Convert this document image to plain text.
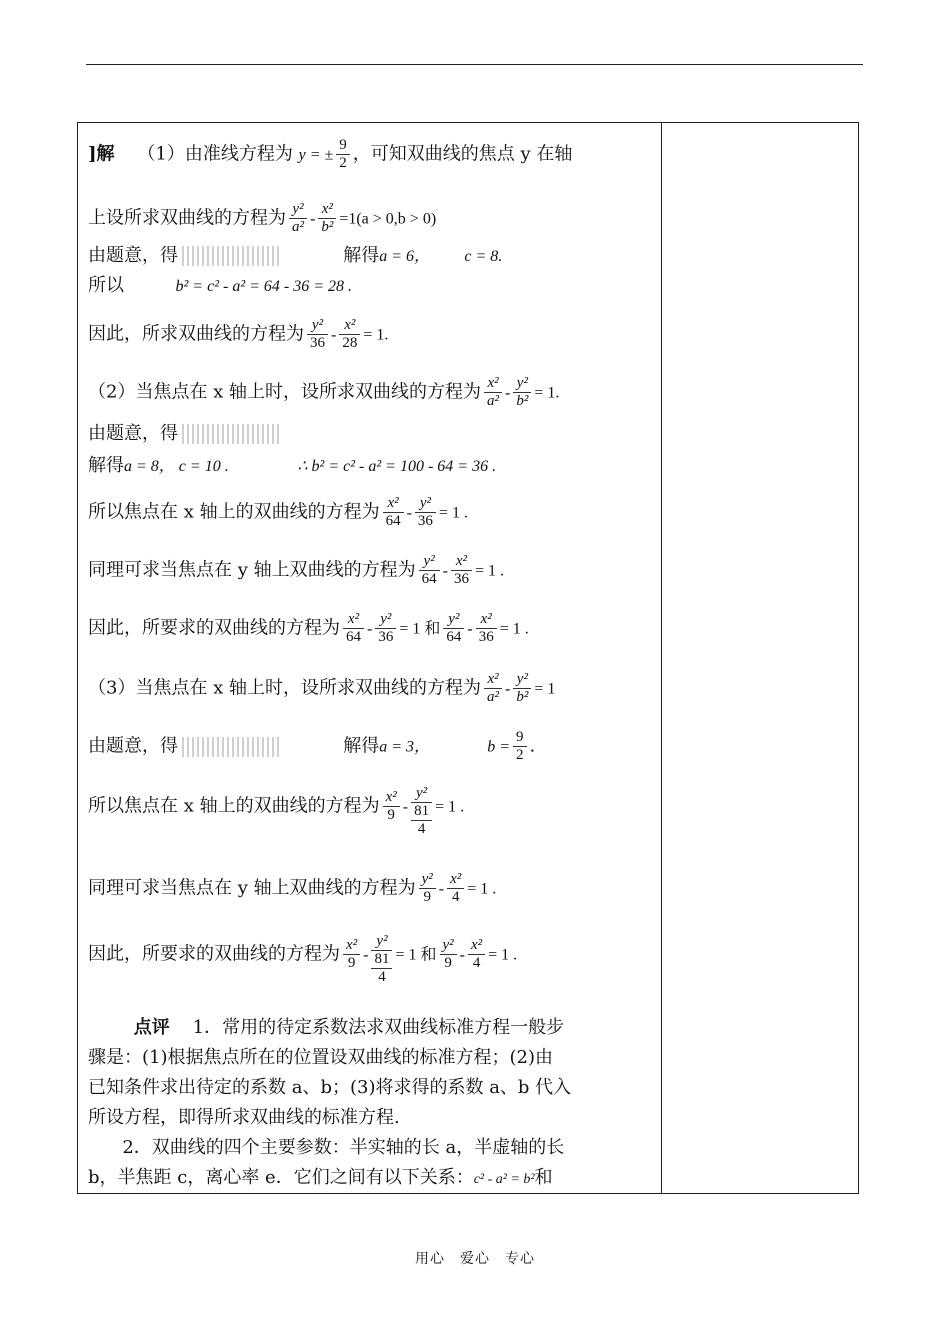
]解 （1）由准线方程为 y = ± $\frac{9}{2}$ ，可知双曲线的焦点 y 在轴
上设所求双曲线的方程为 $\frac{\text{y²}}{\text{a²}} - \frac{\text{x²}}{\text{b²}} =1(a > 0,b > 0)$
由题意，得	解得a = 6， c = 8.
所以	b² = c² - a² = 64 - 36 = 28 .
因此，所求双曲线的方程为 $\frac{\text{y²}}{36} - \frac{\text{x²}}{28} = 1$.
（2）当焦点在 x 轴上时，设所求双曲线的方程为 $\frac{\text{x²}}{\text{a²}} - \frac{\text{y²}}{\text{b²}} = 1$.
由题意，得
解得a = 8， c = 10 .	∴ b² = c² - a² = 100 - 64 = 36 .
所以焦点在 x 轴上的双曲线的方程为 $\frac{\text{x²}}{64} - \frac{\text{y²}}{36} = 1$ .
同理可求当焦点在 y 轴上双曲线的方程为 $\frac{\text{y²}}{64} - \frac{\text{x²}}{36} = 1$ .
因此，所要求的双曲线的方程为 $\frac{\text{x²}}{64} - \frac{\text{y²}}{36} = 1$ 和 $\frac{\text{y²}}{64} - \frac{\text{x²}}{36} = 1$ .
（3）当焦点在 x 轴上时，设所求双曲线的方程为 $\frac{\text{x²}}{\text{a²}} - \frac{\text{y²}}{\text{b²}} = 1$
由题意，得	解得a = 3，	$b = \frac{9}{2}$ .
所以焦点在 x 轴上的双曲线的方程为 $\frac{\text{x²}}{9}$ -
y²
81
4
= 1 .
同理可求当焦点在 y 轴上双曲线的方程为 $\frac{\text{y²}}{9} - \frac{\text{x²}}{4} = 1$ .
因此，所要求的双曲线的方程为 $\frac{\text{x²}}{9}$ -
y²
81
4
= 1 和 $\frac{\text{y²}}{9} - \frac{\text{x²}}{4} = 1$ .
点评 1．常用的待定系数法求双曲线标准方程一般步
骤是：(1)根据焦点所在的位置设双曲线的标准方程；(2)由
已知条件求出待定的系数 a、b；(3)将求得的系数 a、b 代入
所设方程，即得所求双曲线的标准方程.
2．双曲线的四个主要参数：半实轴的长 a，半虚轴的长
b，半焦距 c，离心率 e．它们之间有以下关系：c² - a² = b²和
用心　爱心　专心
